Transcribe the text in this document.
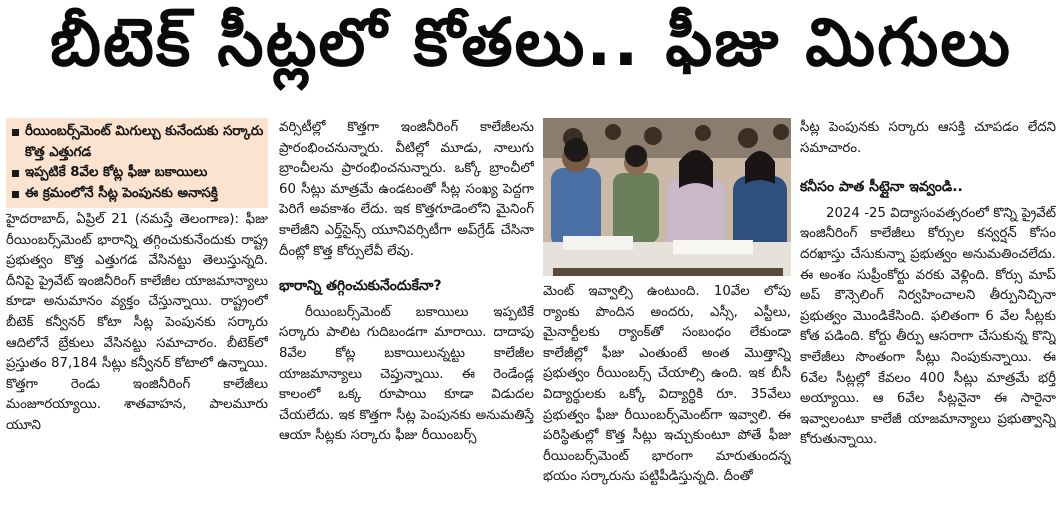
బీటెక్ సీట్లలో కోతలు.. ఫీజు మిగులు
రీయింబర్స్‌మెంట్ మిగుల్చు కునేందుకు సర్కారు కొత్త ఎత్తుగడ
ఇప్పటికే 8వేల కోట్ల ఫీజు బకాయిలు
ఈ క్రమంలోనే సీట్ల పెంపునకు అనాసక్తి

హైదరాబాద్, ఏప్రిల్ 21 (నమస్తే తెలంగాణ): ఫీజు రీయింబర్స్‌మెంట్ భారాన్ని తగ్గించుకునేందుకు రాష్ట్ర ప్రభుత్వం కొత్త ఎత్తుగడ వేసినట్టు తెలుస్తున్నది. దీనిపై ప్రైవేట్ ఇంజినీరింగ్ కాలేజీల యాజమాన్యాలు కూడా అనుమానం వ్యక్తం చేస్తున్నాయి. రాష్ట్రంలో బీటెక్ కన్వీనర్ కోటా సీట్ల పెంపునకు సర్కారు ఆదిలోనే బ్రేకులు వేసినట్టు సమాచారం. బీటెక్‌లో ప్రస్తుతం 87,184 సీట్లు కన్వీనర్ కోటాలో ఉన్నాయి. కొత్తగా రెండు ఇంజినీరింగ్ కాలేజీలు మంజూరయ్యాయి. శాతవాహన, పాలమూరు యూని

వర్సిటీల్లో కొత్తగా ఇంజినీరింగ్ కాలేజీలను ప్రారంభించనున్నారు. వీటిల్లో మూడు, నాలుగు బ్రాంచీలను ప్రారంభించనున్నారు. ఒక్కో బ్రాంచీలో 60 సీట్లు మాత్రమే ఉండటంతో సీట్ల సంఖ్య పెద్దగా పెరిగే అవకాశం లేదు. ఇక కొత్తగూడెంలోని మైనింగ్ కాలేజీని ఎర్త్‌సైన్స్ యూనివర్సిటీగా అప్‌గ్రేడ్ చేసినా దీంట్లో కొత్త కోర్సులేవీ లేవు.

భారాన్ని తగ్గించుకునేందుకేనా?

రీయింబర్స్‌మెంట్ బకాయిలు ఇప్పటికే సర్కారు పాలిట గుదిబండగా మారాయి. దాదాపు 8వేల కోట్ల బకాయిలున్నట్టు కాలేజీల యాజమాన్యాలు చెప్తున్నాయి. ఈ రెండేండ్ల కాలంలో ఒక్క రూపాయి కూడా విడుదల చేయలేదు. ఇక కొత్తగా సీట్ల పెంపునకు అనుమతిస్తే ఆయా సీట్లకు సర్కారు ఫీజు రీయింబర్స్

మెంట్ ఇవ్వాల్సి ఉంటుంది. 10వేల లోపు ర్యాంకు పొందిన అందరు, ఎస్సీ, ఎస్టీలు, మైనార్టీలకు ర్యాంక్‌తో సంబంధం లేకుండా కాలేజీల్లో ఫీజు ఎంతుంటే అంత మొత్తాన్ని ప్రభుత్వం రీయింబర్స్ చేయాల్సి ఉంది. ఇక బీసీ విద్యార్థులకు ఒక్కో విద్యార్థికి రూ. 35వేలు ప్రభుత్వం ఫీజు రీయింబర్స్‌మెంట్‌గా ఇవ్వాలి. ఈ పరిస్థితుల్లో కొత్త సీట్లు ఇచ్చుకుంటూ పోతే ఫీజు రీయింబర్స్‌మెంట్ భారంగా మారుతుందన్న భయం సర్కారును పట్టిపీడిస్తున్నది. దీంతో

సీట్ల పెంపునకు సర్కారు ఆసక్తి చూపడం లేదని సమాచారం.

కనీసం పాత సీట్లైనా ఇవ్వండి..

2024 -25 విద్యాసంవత్సరంలో కొన్ని ప్రైవేట్ ఇంజినీరింగ్ కాలేజీలు కోర్సుల కన్వర్షన్ కోసం దరఖాస్తు చేసుకున్నా ప్రభుత్వం అనుమతించలేదు. ఈ అంశం సుప్రీంకోర్టు వరకు వెళ్లింది. కోర్సు మాప్ అప్ కౌన్సెలింగ్ నిర్వహించాలని తీర్పునిచ్చినా ప్రభుత్వం మొండికేసింది. ఫలితంగా 6 వేల సీట్లకు కోత పడింది. కోర్టు తీర్పు ఆసరాగా చేసుకున్న కొన్ని కాలేజీలు సొంతంగా సీట్లు నింపుకున్నాయి. ఈ 6వేల సీట్లల్లో కేవలం 400 సీట్లు మాత్రమే భర్తీ అయ్యాయి. ఆ 6వేల సీట్లనైనా ఈ సారైనా ఇవ్వాలంటూ కాలేజీ యాజమాన్యాలు ప్రభుత్వాన్ని కోరుతున్నాయి.
